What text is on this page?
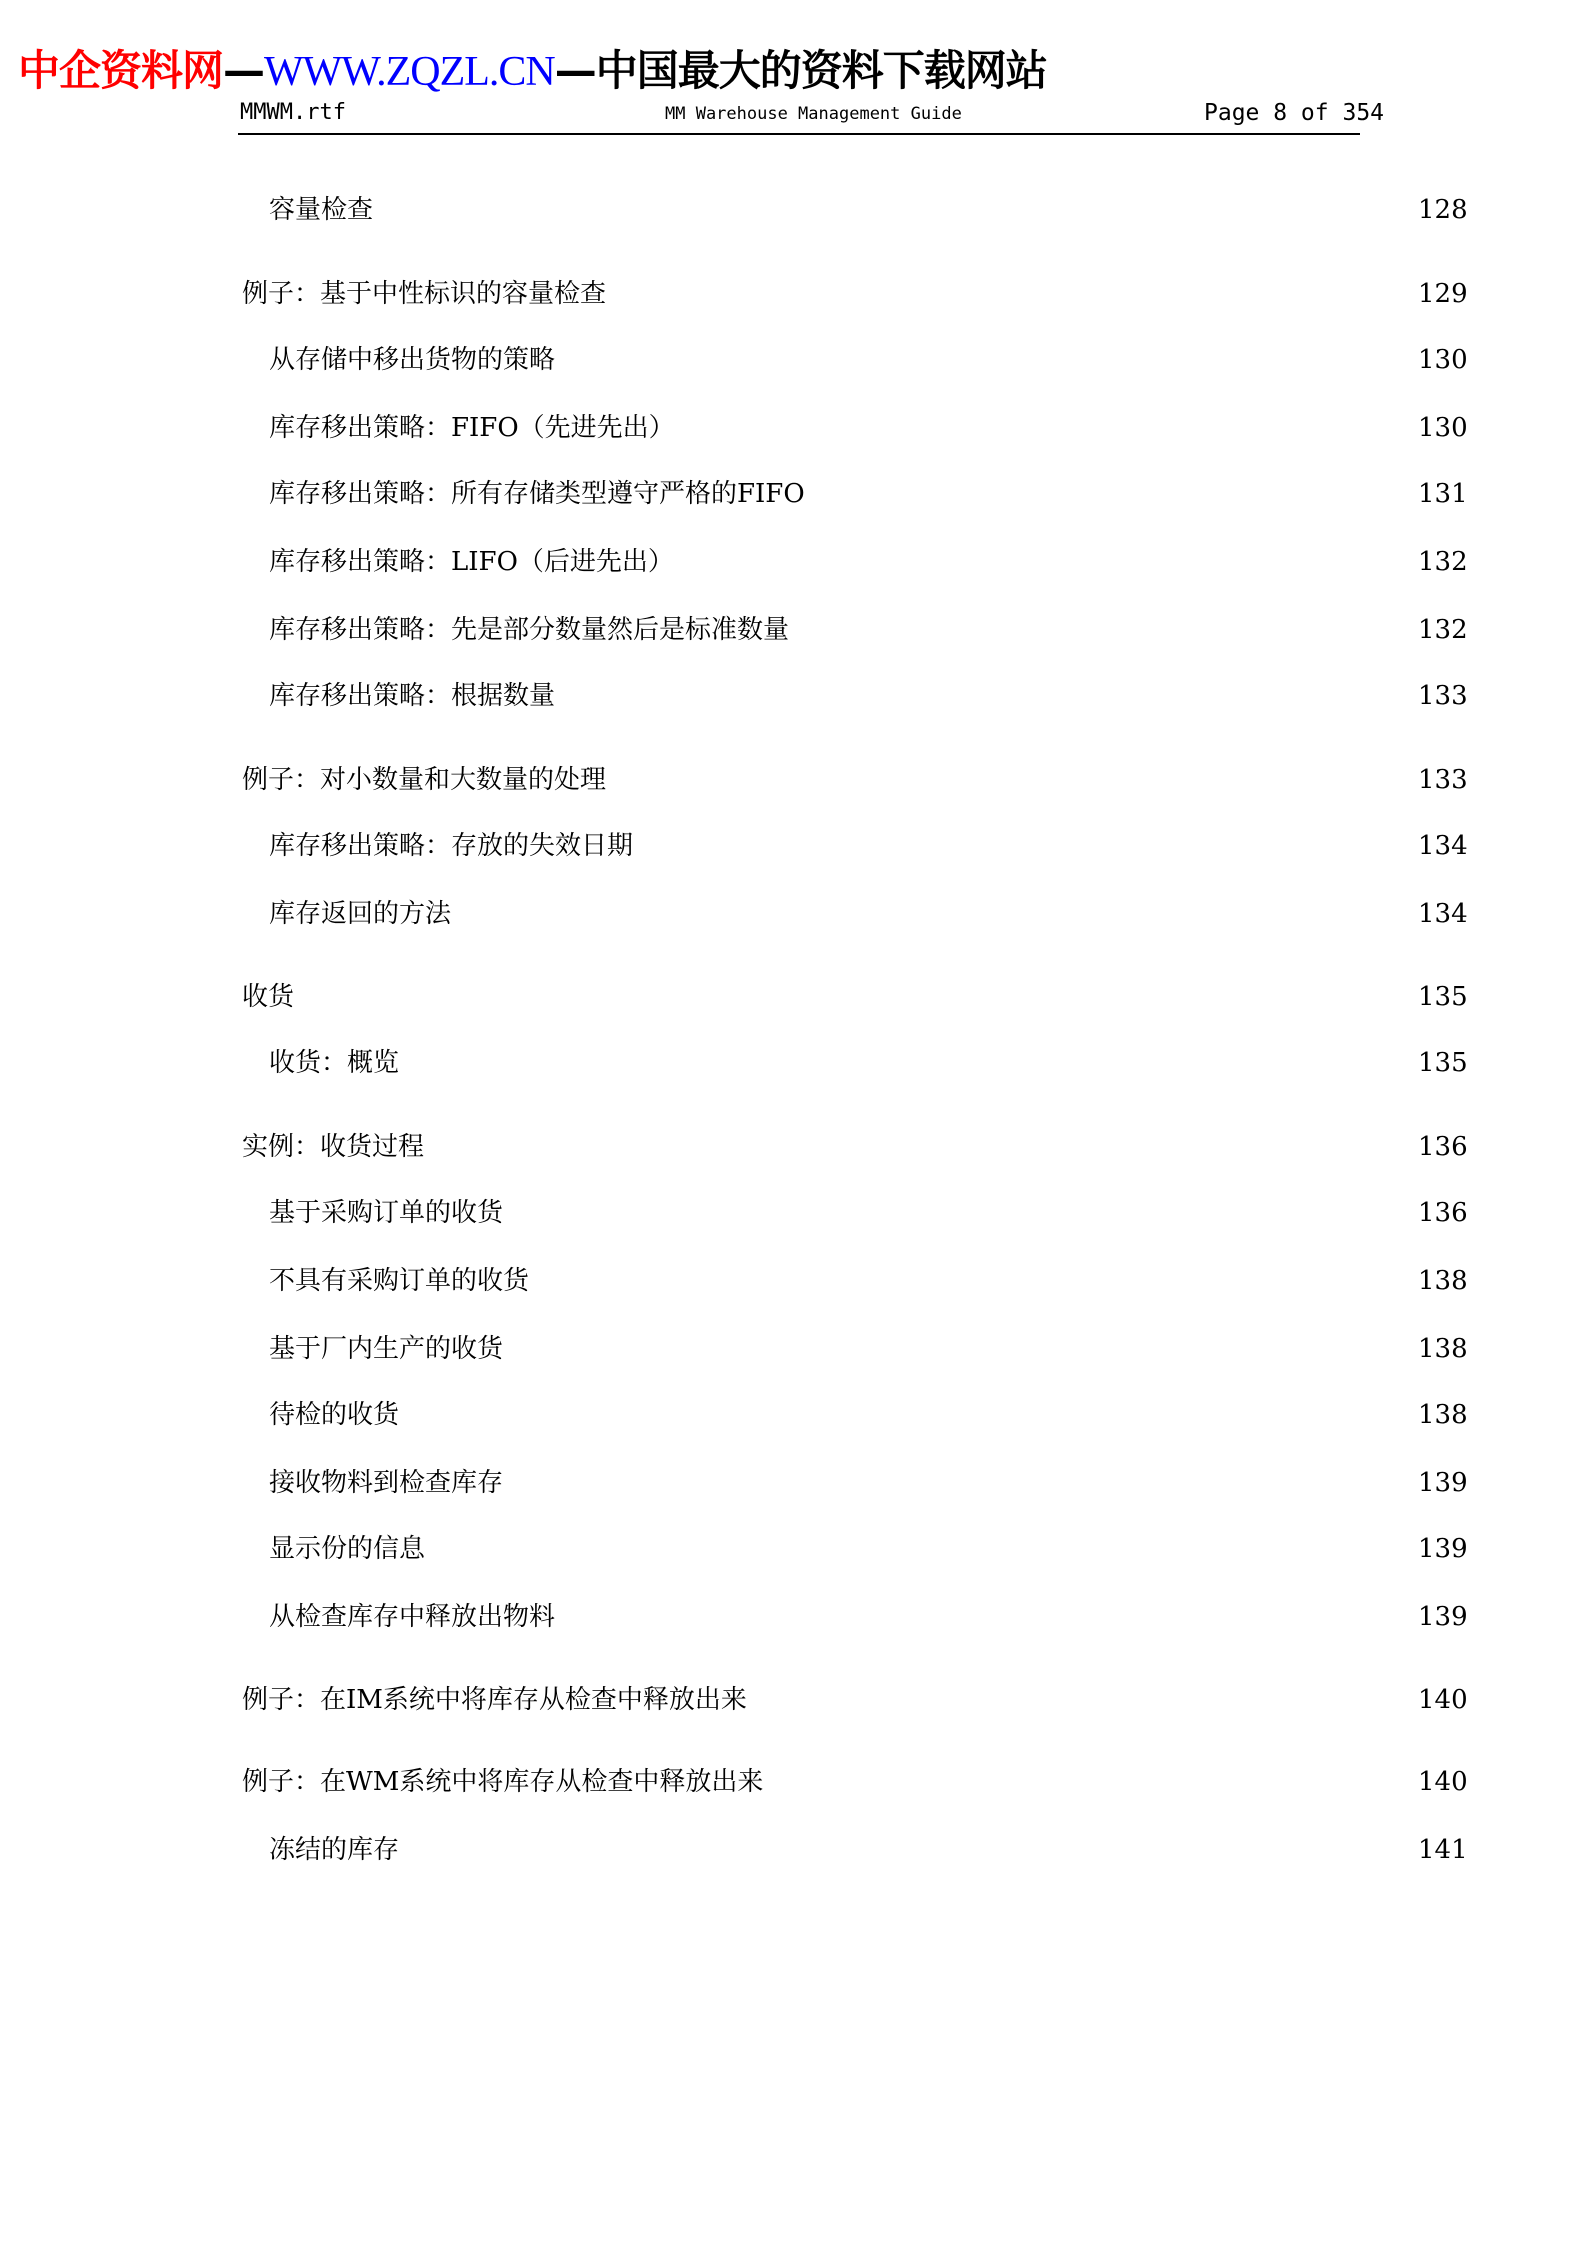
中企资料网—WWW.ZQZL.CN—中国最大的资料下载网站
MMWM.rtf	MM Warehouse Management Guide	Page 8 of 354
容量检查	128
例子：基于中性标识的容量检查	129
从存储中移出货物的策略	130
库存移出策略：FIFO（先进先出）	130
库存移出策略：所有存储类型遵守严格的FIFO	131
库存移出策略：LIFO（后进先出）	132
库存移出策略：先是部分数量然后是标准数量	132
库存移出策略：根据数量	133
例子：对小数量和大数量的处理	133
库存移出策略：存放的失效日期	134
库存返回的方法	134
收货	135
收货：概览	135
实例：收货过程	136
基于采购订单的收货	136
不具有采购订单的收货	138
基于厂内生产的收货	138
待检的收货	138
接收物料到检查库存	139
显示份的信息	139
从检查库存中释放出物料	139
例子：在IM系统中将库存从检查中释放出来	140
例子：在WM系统中将库存从检查中释放出来	140
冻结的库存	141
